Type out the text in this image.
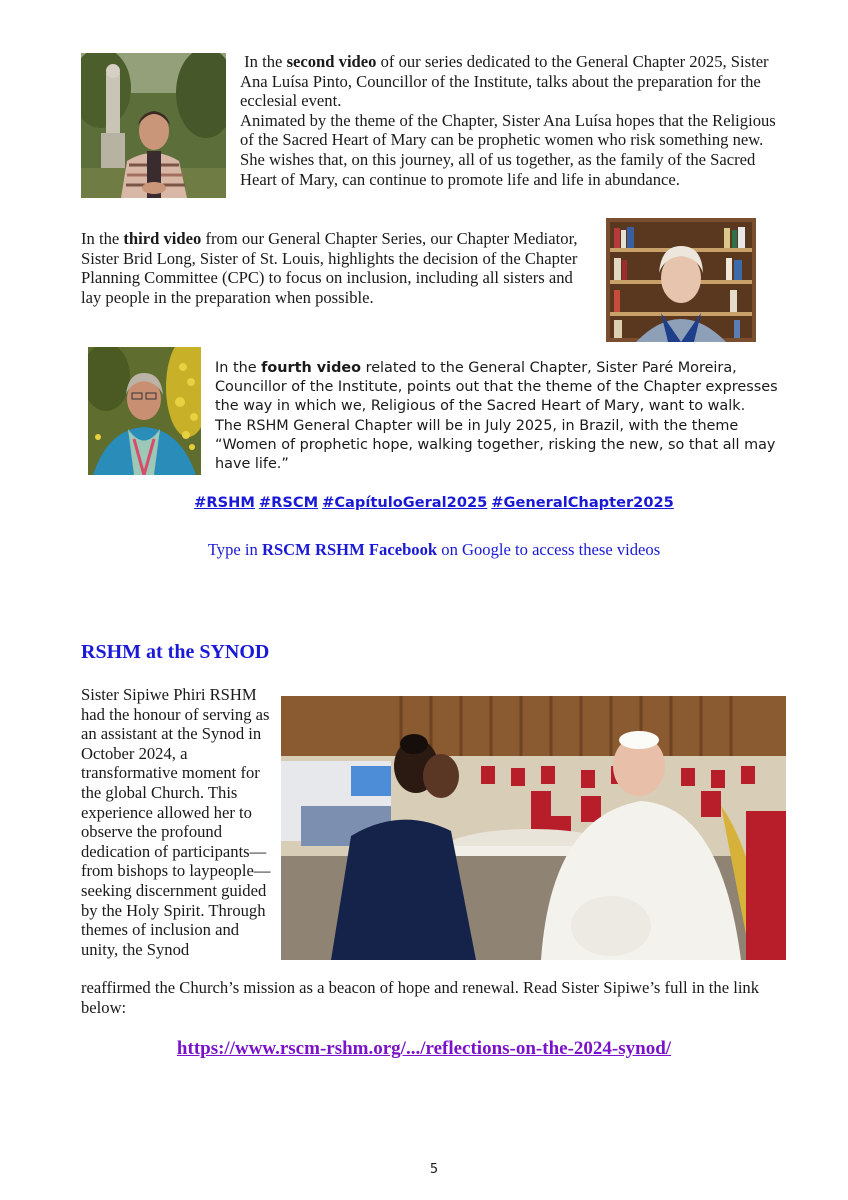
In the second video of our series dedicated to the General Chapter 2025, Sister Ana Luísa Pinto, Councillor of the Institute, talks about the preparation for the ecclesial event.

Animated by the theme of the Chapter, Sister Ana Luísa hopes that the Religious of the Sacred Heart of Mary can be prophetic women who risk something new. She wishes that, on this journey, all of us together, as the family of the Sacred Heart of Mary, can continue to promote life and life in abundance.

In the third video from our General Chapter Series, our Chapter Mediator, Sister Brid Long, Sister of St. Louis, highlights the decision of the Chapter Planning Committee (CPC) to focus on inclusion, including all sisters and lay people in the preparation when possible.

In the fourth video related to the General Chapter, Sister Paré Moreira, Councillor of the Institute, points out that the theme of the Chapter expresses the way in which we, Religious of the Sacred Heart of Mary, want to walk.

The RSHM General Chapter will be in July 2025, in Brazil, with the theme “Women of prophetic hope, walking together, risking the new, so that all may have life.”

#RSHM #RSCM #CapítuloGeral2025 #GeneralChapter2025
Type in RSCM RSHM Facebook on Google to access these videos
RSHM at the SYNOD
Sister Sipiwe Phiri RSHM had the honour of serving as an assistant at the Synod in October 2024, a transformative moment for the global Church. This experience allowed her to observe the profound dedication of participants—from bishops to laypeople—seeking discernment guided by the Holy Spirit. Through themes of inclusion and unity, the Synod
reaffirmed the Church’s mission as a beacon of hope and renewal. Read Sister Sipiwe’s full in the link below:
https://www.rscm-rshm.org/.../reflections-on-the-2024-synod/
5
